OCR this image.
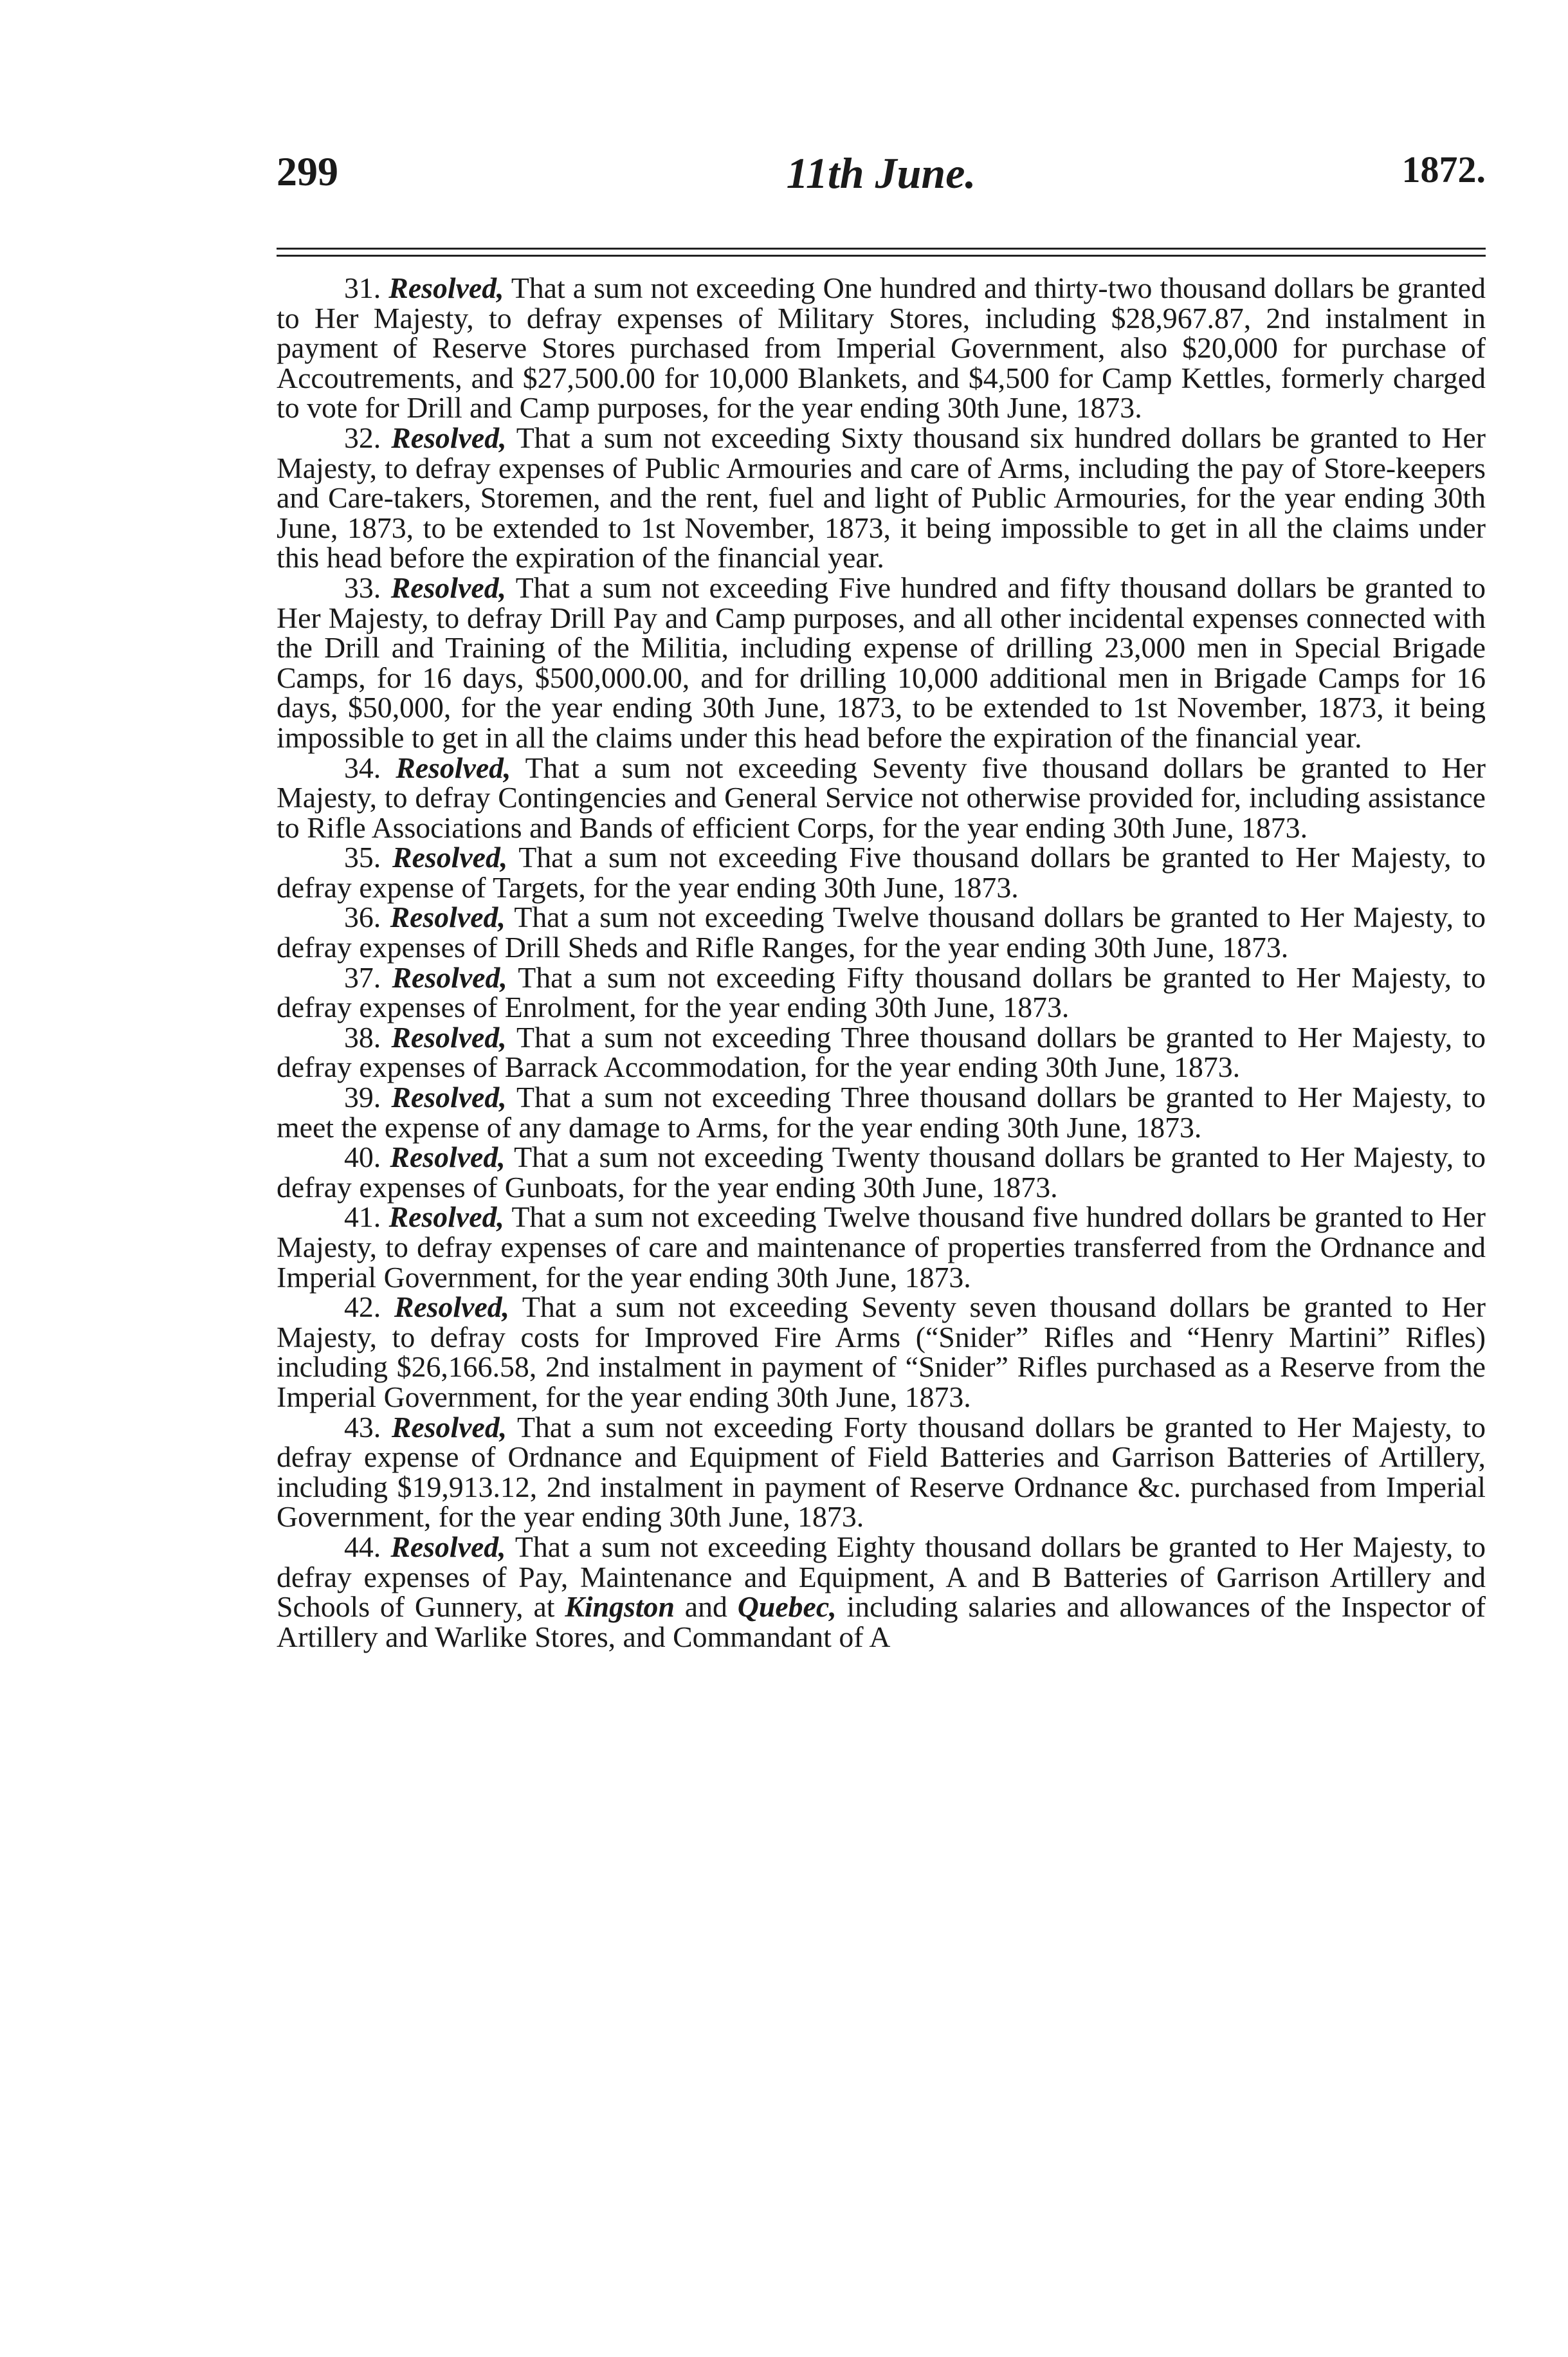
299	11th June.	1872.

31. Resolved, That a sum not exceeding One hundred and thirty-two thousand dollars be granted to Her Majesty, to defray expenses of Military Stores, including $28,967.87, 2nd instalment in payment of Reserve Stores purchased from Imperial Government, also $20,000 for purchase of Accoutrements, and $27,500.00 for 10,000 Blankets, and $4,500 for Camp Kettles, formerly charged to vote for Drill and Camp purposes, for the year ending 30th June, 1873.

32. Resolved, That a sum not exceeding Sixty thousand six hundred dollars be granted to Her Majesty, to defray expenses of Public Armouries and care of Arms, including the pay of Store-keepers and Care-takers, Storemen, and the rent, fuel and light of Public Armouries, for the year ending 30th June, 1873, to be extended to 1st November, 1873, it being impossible to get in all the claims under this head before the expiration of the financial year.

33. Resolved, That a sum not exceeding Five hundred and fifty thousand dollars be granted to Her Majesty, to defray Drill Pay and Camp purposes, and all other incidental expenses connected with the Drill and Training of the Militia, including expense of drilling 23,000 men in Special Brigade Camps, for 16 days, $500,000.00, and for drilling 10,000 additional men in Brigade Camps for 16 days, $50,000, for the year ending 30th June, 1873, to be extended to 1st November, 1873, it being impossible to get in all the claims under this head before the expiration of the financial year.

34. Resolved, That a sum not exceeding Seventy five thousand dollars be granted to Her Majesty, to defray Contingencies and General Service not otherwise provided for, including assistance to Rifle Associations and Bands of efficient Corps, for the year ending 30th June, 1873.

35. Resolved, That a sum not exceeding Five thousand dollars be granted to Her Majesty, to defray expense of Targets, for the year ending 30th June, 1873.

36. Resolved, That a sum not exceeding Twelve thousand dollars be granted to Her Majesty, to defray expenses of Drill Sheds and Rifle Ranges, for the year ending 30th June, 1873.

37. Resolved, That a sum not exceeding Fifty thousand dollars be granted to Her Majesty, to defray expenses of Enrolment, for the year ending 30th June, 1873.

38. Resolved, That a sum not exceeding Three thousand dollars be granted to Her Majesty, to defray expenses of Barrack Accommodation, for the year ending 30th June, 1873.

39. Resolved, That a sum not exceeding Three thousand dollars be granted to Her Majesty, to meet the expense of any damage to Arms, for the year ending 30th June, 1873.

40. Resolved, That a sum not exceeding Twenty thousand dollars be granted to Her Majesty, to defray expenses of Gunboats, for the year ending 30th June, 1873.

41. Resolved, That a sum not exceeding Twelve thousand five hundred dollars be granted to Her Majesty, to defray expenses of care and maintenance of properties transferred from the Ordnance and Imperial Government, for the year ending 30th June, 1873.

42. Resolved, That a sum not exceeding Seventy seven thousand dollars be granted to Her Majesty, to defray costs for Improved Fire Arms (“Snider” Rifles and “Henry Martini” Rifles) including $26,166.58, 2nd instalment in payment of “Snider” Rifles purchased as a Reserve from the Imperial Government, for the year ending 30th June, 1873.

43. Resolved, That a sum not exceeding Forty thousand dollars be granted to Her Majesty, to defray expense of Ordnance and Equipment of Field Batteries and Garrison Batteries of Artillery, including $19,913.12, 2nd instalment in payment of Reserve Ordnance &c. purchased from Imperial Government, for the year ending 30th June, 1873.

44. Resolved, That a sum not exceeding Eighty thousand dollars be granted to Her Majesty, to defray expenses of Pay, Maintenance and Equipment, A and B Batteries of Garrison Artillery and Schools of Gunnery, at Kingston and Quebec, including salaries and allowances of the Inspector of Artillery and Warlike Stores, and Commandant of A
